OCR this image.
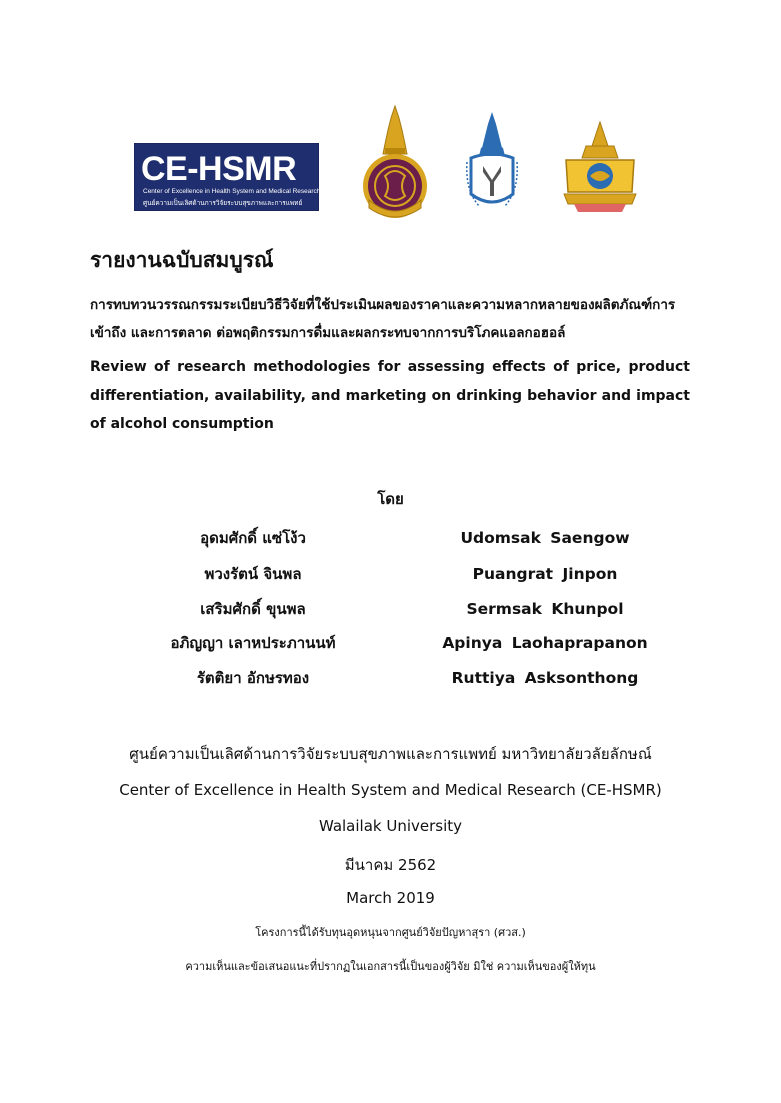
CE-HSMR
Center of Excellence in Health System and Medical Research
ศูนย์ความเป็นเลิศด้านการวิจัยระบบสุขภาพและการแพทย์
รายงานฉบับสมบูรณ์
การทบทวนวรรณกรรมระเบียบวิธีวิจัยที่ใช้ประเมินผลของราคาและความหลากหลายของผลิตภัณฑ์การเข้าถึง และการตลาด ต่อพฤติกรรมการดื่มและผลกระทบจากการบริโภคแอลกอฮอล์
Review of research methodologies for assessing effects of price, product differentiation, availability, and marketing on drinking behavior and impact of alcohol consumption
โดย
อุดมศักดิ์ แซ่โง้ว	Udomsak Saengow
พวงรัตน์ จินพล	Puangrat Jinpon
เสริมศักดิ์ ขุนพล	Sermsak Khunpol
อภิญญา เลาหประภานนท์	Apinya Laohaprapanon
รัตติยา อักษรทอง	Ruttiya Asksonthong
ศูนย์ความเป็นเลิศด้านการวิจัยระบบสุขภาพและการแพทย์ มหาวิทยาลัยวลัยลักษณ์
Center of Excellence in Health System and Medical Research (CE-HSMR)
Walailak University
มีนาคม 2562
March 2019
โครงการนี้ได้รับทุนอุดหนุนจากศูนย์วิจัยปัญหาสุรา (ศวส.)
ความเห็นและข้อเสนอแนะที่ปรากฏในเอกสารนี้เป็นของผู้วิจัย มิใช่ ความเห็นของผู้ให้ทุน
